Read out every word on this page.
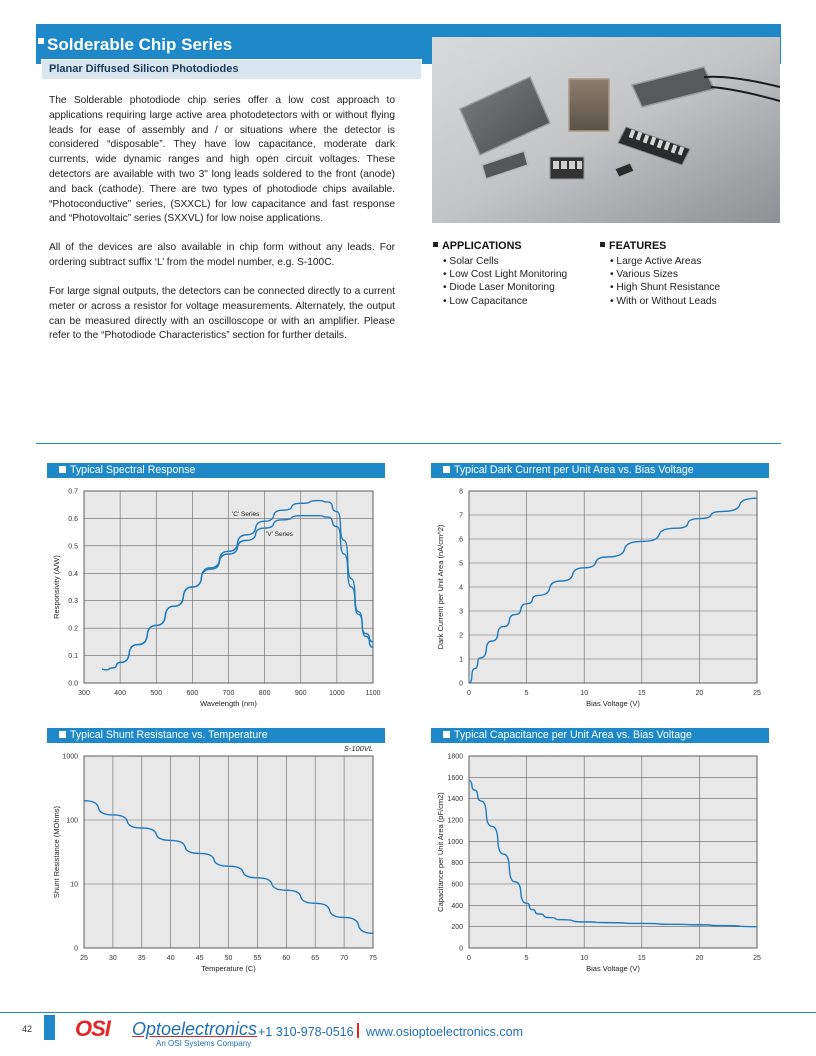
Solderable Chip Series
Planar Diffused Silicon Photodiodes
The Solderable photodiode chip series offer a low cost approach to applications requiring large active area photodetectors with or without flying leads for ease of assembly and / or situations where the detector is considered “disposable”. They have low capacitance, moderate dark currents, wide dynamic ranges and high open circuit voltages. These detectors are available with two 3" long leads soldered to the front (anode) and back (cathode). There are two types of photodiode chips available. “Photoconductive” series, (SXXCL) for low capacitance and fast response and “Photovoltaic” series (SXXVL) for low noise applications.
All of the devices are also available in chip form without any leads. For ordering subtract suffix ‘L’ from the model number, e.g. S-100C.
For large signal outputs, the detectors can be connected directly to a current meter or across a resistor for voltage measurements. Alternately, the output can be measured directly with an oscilloscope or with an amplifier. Please refer to the “Photodiode Characteristics” section for further details.
APPLICATIONS
• Solar Cells
• Low Cost Light Monitoring
• Diode Laser Monitoring
• Low Capacitance
FEATURES
• Large Active Areas
• Various Sizes
• High Shunt Resistance
• With or Without Leads
Typical Spectral Response	Typical Dark Current per Unit Area vs. Bias Voltage
Typical Shunt Resistance vs. Temperature	Typical Capacitance per Unit Area vs. Bias Voltage
300	400	500	600	700	800	900	1000	1100
0.0
0.1
0.2
0.3
0.4
0.5
0.6
0.7
Wavelength (nm)
Responsivity (A/W)
'C' Series
'V' Series
0	5	10	15	20	25
0
1
2
3
4
5
6
7
8
Bias Voltage (V)
Dark Current per Unit Area (nA/cm^2)
25	30	35	40	45	50	55	60	65	70	75
0
10
100
1000
Temperature (C)
Shunt Resistance (MOhms)
S-100VL
0	5	10	15	20	25
0
200
400
600
800
1000
1200
1400
1600
1800
Bias Voltage (V)
Capacitance per Unit Area (pF/cm2)
42 OSI Optoelectronics
An OSI Systems Company
+1 310-978-0516 www.osioptoelectronics.com
